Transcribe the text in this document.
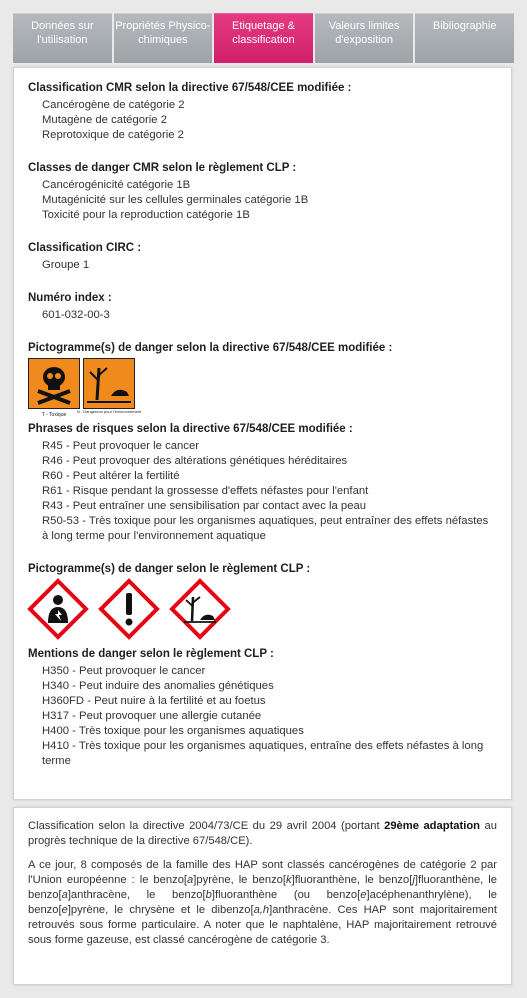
Données sur l'utilisation
Propriétés Physico-chimiques
Etiquetage & classification
Valeurs limites d'exposition
Bibliographie
Classification CMR selon la directive 67/548/CEE modifiée :
Cancérogène de catégorie 2
Mutagène de catégorie 2
Reprotoxique de catégorie 2
Classes de danger CMR selon le règlement CLP :
Cancérogénicité catégorie 1B
Mutagénicité sur les cellules germinales catégorie 1B
Toxicité pour la reproduction catégorie 1B
Classification CIRC :
Groupe 1
Numéro index :
601-032-00-3
Pictogramme(s) de danger selon la directive 67/548/CEE modifiée :
T - Toxique
N - Dangereux pour l'environnement
Phrases de risques selon la directive 67/548/CEE modifiée :
R45 - Peut provoquer le cancer
R46 - Peut provoquer des altérations génétiques héréditaires
R60 - Peut altérer la fertilité
R61 - Risque pendant la grossesse d'effets néfastes pour l'enfant
R43 - Peut entraîner une sensibilisation par contact avec la peau
R50-53 - Très toxique pour les organismes aquatiques, peut entraîner des effets néfastes à long terme pour l'environnement aquatique
Pictogramme(s) de danger selon le règlement CLP :
Mentions de danger selon le règlement CLP :
H350 - Peut provoquer le cancer
H340 - Peut induire des anomalies génétiques
H360FD - Peut nuire à la fertilité et au foetus
H317 - Peut provoquer une allergie cutanée
H400 - Très toxique pour les organismes aquatiques
H410 - Très toxique pour les organismes aquatiques, entraîne des effets néfastes à long terme

Classification selon la directive 2004/73/CE du 29 avril 2004 (portant 29ème adaptation au progrès technique de la directive 67/548/CE).

A ce jour, 8 composés de la famille des HAP sont classés cancérogènes de catégorie 2 par l'Union européenne : le benzo[a]pyrène, le benzo[k]fluoranthène, le benzo[j]fluoranthène, le benzo[a]anthracène, le benzo[b]fluoranthène (ou benzo[e]acéphenanthrylène), le benzo[e]pyrène, le chrysène et le dibenzo[a,h]anthracène. Ces HAP sont majoritairement retrouvés sous forme particulaire. A noter que le naphtalène, HAP majoritairement retrouvé sous forme gazeuse, est classé cancérogène de catégorie 3.
